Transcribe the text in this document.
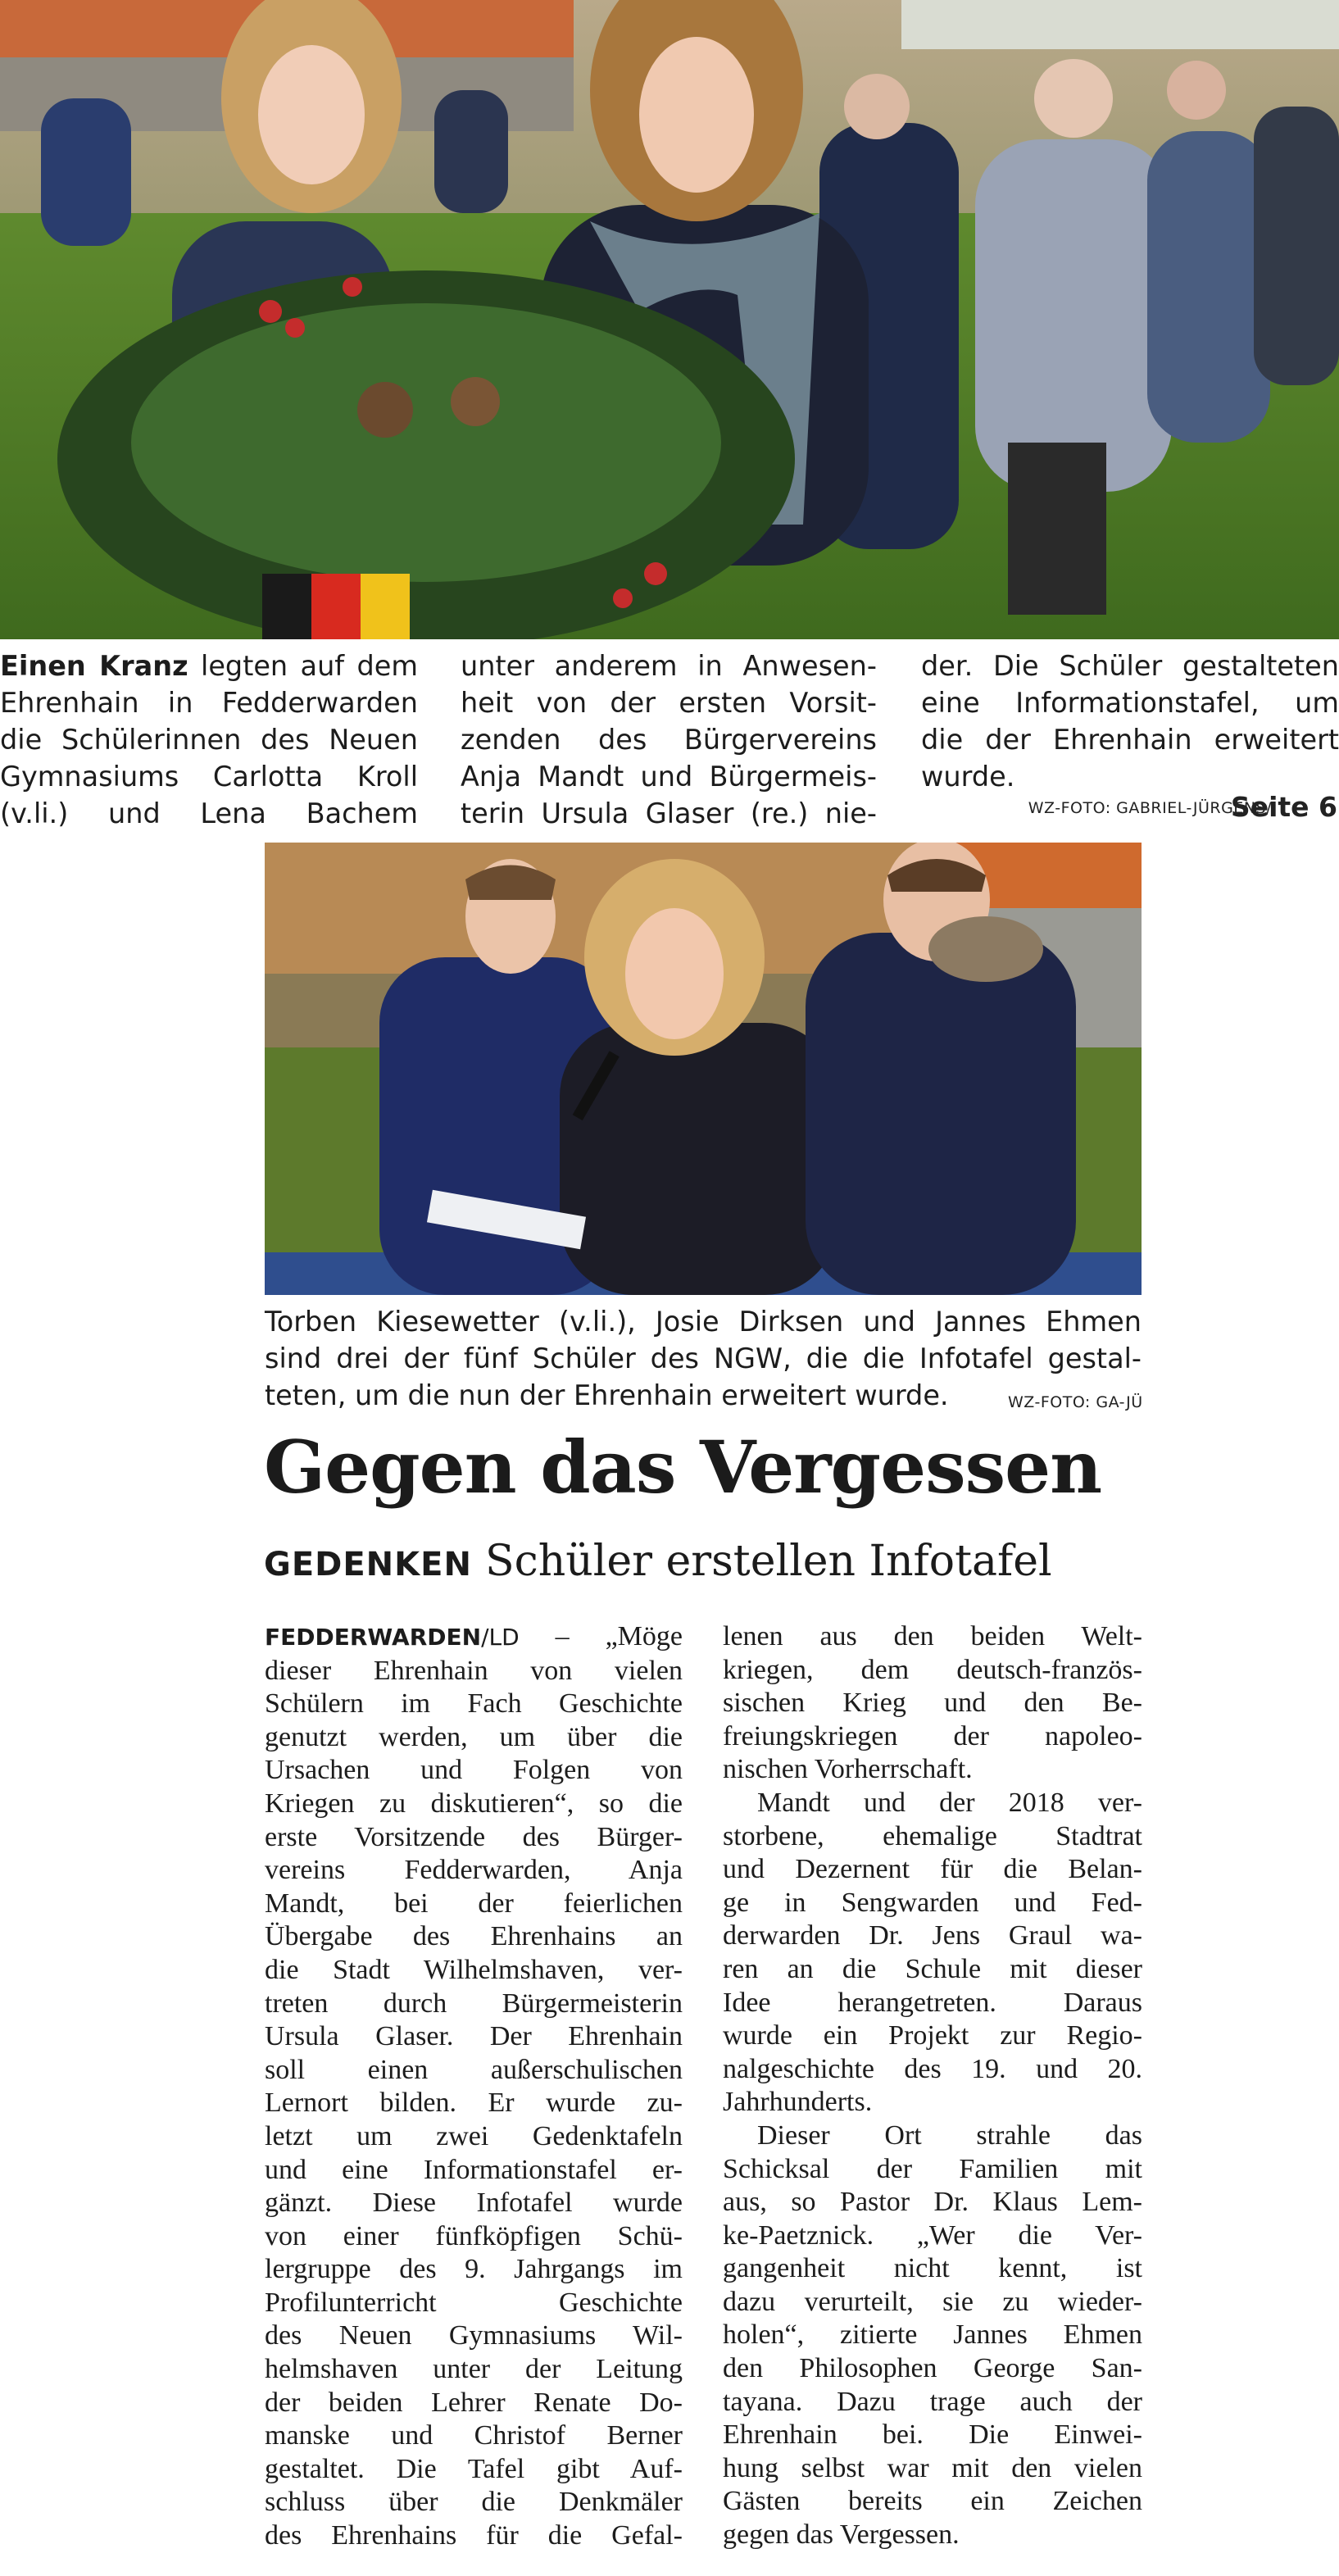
Einen Kranz legten auf dem

Ehrenhain in Fedderwarden

die Schülerinnen des Neuen

Gymnasiums Carlotta Kroll

(v.li.) und Lena Bachem

unter anderem in Anwesen-

heit von der ersten Vorsit-

zenden des Bürgervereins

Anja Mandt und Bürgermeis-

terin Ursula Glaser (re.) nie-

der. Die Schüler gestalteten

eine Informationstafel, um

die der Ehrenhain erweitert

wurde.

WZ-FOTO: GABRIEL-JÜRGENS/
Seite 6

Torben Kiesewetter (v.li.), Josie Dirksen und Jannes Ehmen

sind drei der fünf Schüler des NGW, die die Infotafel gestal-

teten, um die nun der Ehrenhain erweitert wurde.	WZ-FOTO: GA-JÜ
Gegen das Vergessen
GEDENKEN Schüler erstellen Infotafel

FEDDERWARDEN/LD – „Möge

dieser Ehrenhain von vielen

Schülern im Fach Geschichte

genutzt werden, um über die

Ursachen und Folgen von

Kriegen zu diskutieren“, so die

erste Vorsitzende des Bürger-

vereins Fedderwarden, Anja

Mandt, bei der feierlichen

Übergabe des Ehrenhains an

die Stadt Wilhelmshaven, ver-

treten durch Bürgermeisterin

Ursula Glaser. Der Ehrenhain

soll einen außerschulischen

Lernort bilden. Er wurde zu-

letzt um zwei Gedenktafeln

und eine Informationstafel er-

gänzt. Diese Infotafel wurde

von einer fünfköpfigen Schü-

lergruppe des 9. Jahrgangs im

Profilunterricht Geschichte

des Neuen Gymnasiums Wil-

helmshaven unter der Leitung

der beiden Lehrer Renate Do-

manske und Christof Berner

gestaltet. Die Tafel gibt Auf-

schluss über die Denkmäler

des Ehrenhains für die Gefal-

lenen aus den beiden Welt-

kriegen, dem deutsch-französ-

sischen Krieg und den Be-

freiungskriegen der napoleo-

nischen Vorherrschaft.

Mandt und der 2018 ver-

storbene, ehemalige Stadtrat

und Dezernent für die Belan-

ge in Sengwarden und Fed-

derwarden Dr. Jens Graul wa-

ren an die Schule mit dieser

Idee herangetreten. Daraus

wurde ein Projekt zur Regio-

nalgeschichte des 19. und 20.

Jahrhunderts.

Dieser Ort strahle das

Schicksal der Familien mit

aus, so Pastor Dr. Klaus Lem-

ke-Paetznick. „Wer die Ver-

gangenheit nicht kennt, ist

dazu verurteilt, sie zu wieder-

holen“, zitierte Jannes Ehmen

den Philosophen George San-

tayana. Dazu trage auch der

Ehrenhain bei. Die Einwei-

hung selbst war mit den vielen

Gästen bereits ein Zeichen

gegen das Vergessen.
